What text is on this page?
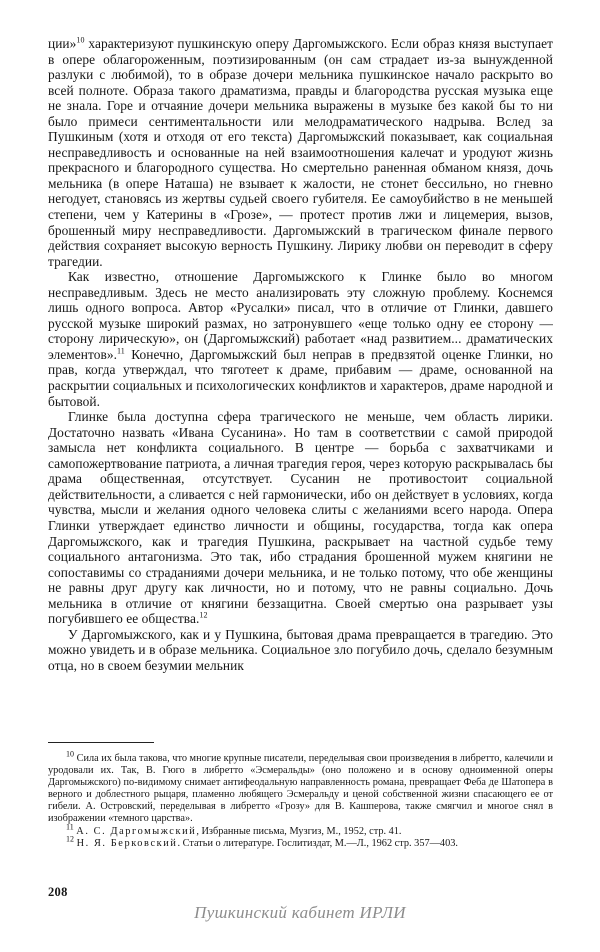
ции»$^{10}$ характеризуют пушкинскую оперу Даргомыжского. Если образ князя выступает в опере облагороженным, поэтизированным (он сам страдает из-за вынужденной разлуки с любимой), то в образе дочери мельника пушкинское начало раскрыто во всей полноте. Образа такого драматизма, правды и благородства русская музыка еще не знала. Горе и отчаяние дочери мельника выражены в музыке без какой бы то ни было примеси сентиментальности или мелодраматического надрыва. Вслед за Пушкиным (хотя и отходя от его текста) Даргомыжский показывает, как социальная несправедливость и основанные на ней взаимоотношения калечат и уродуют жизнь прекрасного и благородного существа. Но смертельно раненная обманом князя, дочь мельника (в опере Наташа) не взывает к жалости, не стонет бессильно, но гневно негодует, становясь из жертвы судьей своего губителя. Ее самоубийство в не меньшей степени, чем у Катерины в «Грозе», — протест против лжи и лицемерия, вызов, брошенный миру несправедливости. Даргомыжский в трагическом финале первого действия сохраняет высокую верность Пушкину. Лирику любви он переводит в сферу трагедии.

Как известно, отношение Даргомыжского к Глинке было во многом несправедливым. Здесь не место анализировать эту сложную проблему. Коснемся лишь одного вопроса. Автор «Русалки» писал, что в отличие от Глинки, давшего русской музыке широкий размах, но затронувшего «еще только одну ее сторону — сторону лирическую», он (Даргомыжский) работает «над развитием... драматических элементов».$^{11}$ Конечно, Даргомыжский был неправ в предвзятой оценке Глинки, но прав, когда утверждал, что тяготеет к драме, прибавим — драме, основанной на раскрытии социальных и психологических конфликтов и характеров, драме народной и бытовой.

Глинке была доступна сфера трагического не меньше, чем область лирики. Достаточно назвать «Ивана Сусанина». Но там в соответствии с самой природой замысла нет конфликта социального. В центре — борьба с захватчиками и самопожертвование патриота, а личная трагедия героя, через которую раскрывалась бы драма общественная, отсутствует. Сусанин не противостоит социальной действительности, а сливается с ней гармонически, ибо он действует в условиях, когда чувства, мысли и желания одного человека слиты с желаниями всего народа. Опера Глинки утверждает единство личности и общины, государства, тогда как опера Даргомыжского, как и трагедия Пушкина, раскрывает на частной судьбе тему социального антагонизма. Это так, ибо страдания брошенной мужем княгини не сопоставимы со страданиями дочери мельника, и не только потому, что обе женщины не равны друг другу как личности, но и потому, что не равны социально. Дочь мельника в отличие от княгини беззащитна. Своей смертью она разрывает узы погубившего ее общества.$^{12}$

У Даргомыжского, как и у Пушкина, бытовая драма превращается в трагедию. Это можно увидеть и в образе мельника. Социальное зло погубило дочь, сделало безумным отца, но в своем безумии мельник

$^{10}$ Сила их была такова, что многие крупные писатели, переделывая свои произведения в либретто, калечили и уродовали их. Так, В. Гюго в либретто «Эсмеральды» (оно положено и в основу одноименной оперы Даргомыжского) по-видимому снимает антифеодальную направленность романа, превращает Феба де Шатопера в верного и доблестного рыцаря, пламенно любящего Эсмеральду и ценой собственной жизни спасающего ее от гибели. А. Островский, переделывая в либретто «Грозу» для В. Кашперова, также смягчил и многое снял в изображении «темного царства».

$^{11}$ А. С. Даргомыжский, Избранные письма, Музгиз, М., 1952, стр. 41.

$^{12}$ Н. Я. Берковский. Статьи о литературе. Гослитиздат, М.—Л., 1962 стр. 357—403.

208
Пушкинский кабинет ИРЛИ
